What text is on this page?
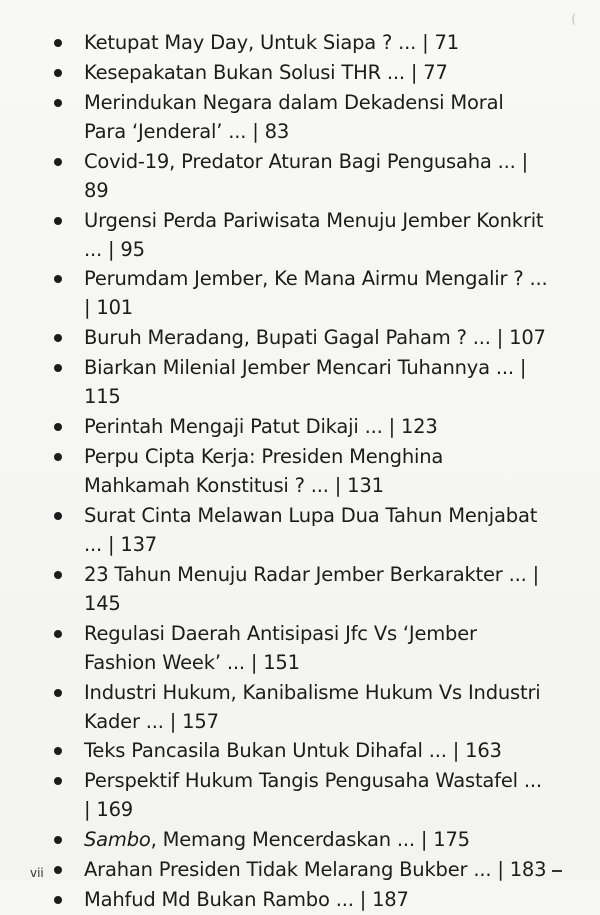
(
Ketupat May Day, Untuk Siapa ? ... | 71
Kesepakatan Bukan Solusi THR ... | 77
Merindukan Negara dalam Dekadensi Moral Para ‘Jenderal’ ... | 83
Covid-19, Predator Aturan Bagi Pengusaha ... | 89
Urgensi Perda Pariwisata Menuju Jember Konkrit ... | 95
Perumdam Jember, Ke Mana Airmu Mengalir ? ... | 101
Buruh Meradang, Bupati Gagal Paham ? ... | 107
Biarkan Milenial Jember Mencari Tuhannya ... | 115
Perintah Mengaji Patut Dikaji ... | 123
Perpu Cipta Kerja: Presiden Menghina Mahkamah Konstitusi ? ... | 131
Surat Cinta Melawan Lupa Dua Tahun Menjabat ... | 137
23 Tahun Menuju Radar Jember Berkarakter ... | 145
Regulasi Daerah Antisipasi Jfc Vs ‘Jember Fashion Week’ ... | 151
Industri Hukum, Kanibalisme Hukum Vs Industri Kader ... | 157
Teks Pancasila Bukan Untuk Dihafal ... | 163
Perspektif Hukum Tangis Pengusaha Wastafel ... | 169
Sambo, Memang Mencerdaskan ... | 175
Arahan Presiden Tidak Melarang Bukber ... | 183
Mahfud Md Bukan Rambo ... | 187
vii
